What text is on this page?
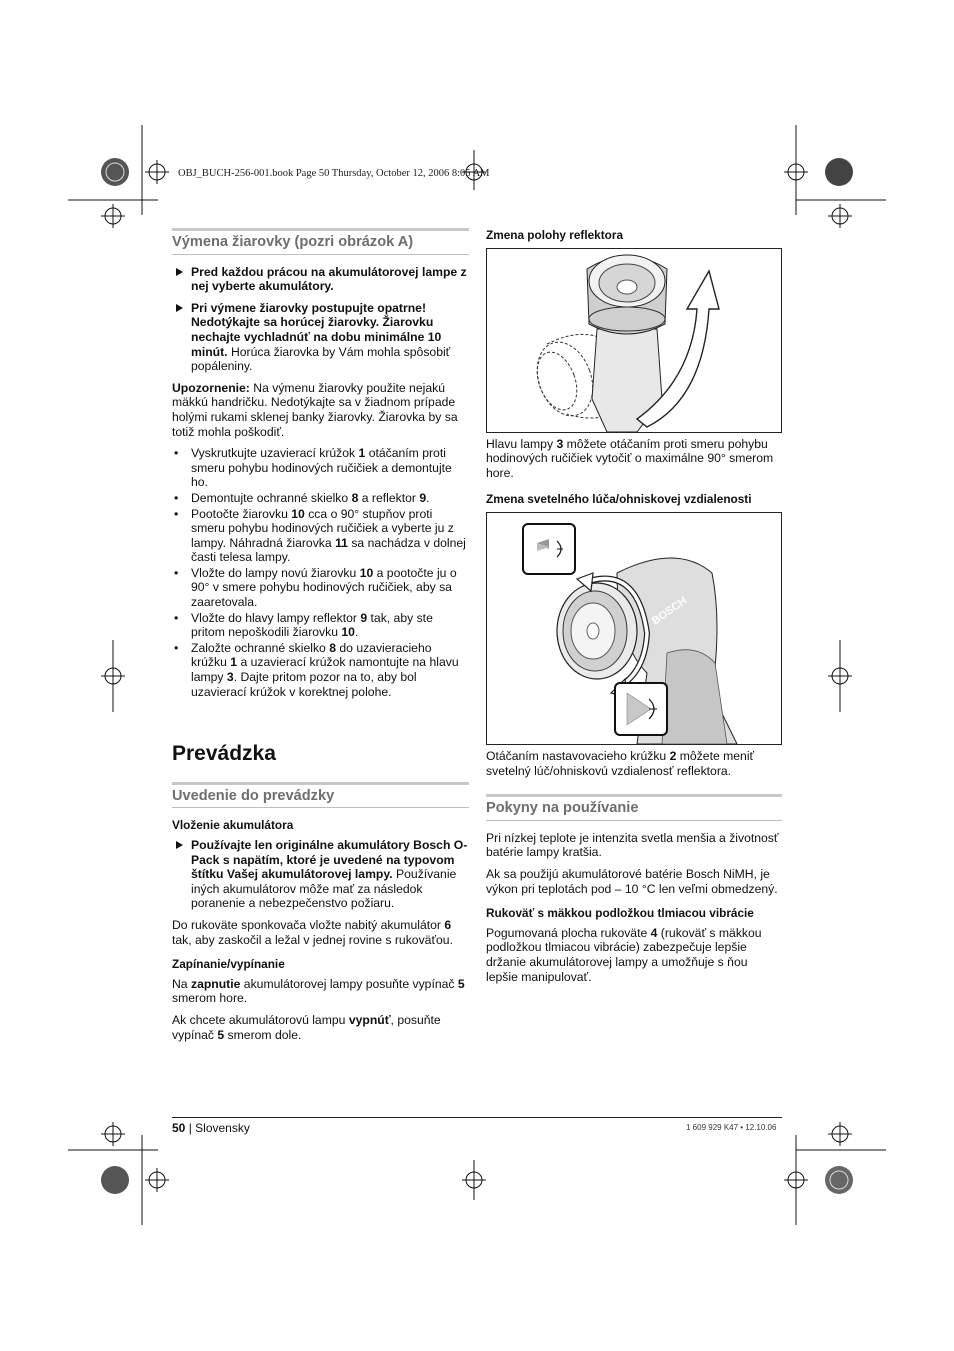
OBJ_BUCH-256-001.book Page 50 Thursday, October 12, 2006 8:05 AM
Výmena žiarovky (pozri obrázok A)
Pred každou prácou na akumulátorovej lampe z nej vyberte akumulátory.
Pri výmene žiarovky postupujte opatrne! Nedotýkajte sa horúcej žiarovky. Žiarovku nechajte vychladnúť na dobu minimálne 10 minút. Horúca žiarovka by Vám mohla spôsobiť popáleniny.

Upozornenie: Na výmenu žiarovky použite nejakú mäkkú handričku. Nedotýkajte sa v žiadnom prípade holými rukami sklenej banky žiarovky. Žiarovka by sa totiž mohla poškodiť.

• Vyskrutkujte uzavierací krúžok 1 otáčaním proti smeru pohybu hodinových ručičiek a demontujte ho.
• Demontujte ochranné skielko 8 a reflektor 9.
• Pootočte žiarovku 10 cca o 90° stupňov proti smeru pohybu hodinových ručičiek a vyberte ju z lampy. Náhradná žiarovka 11 sa nachádza v dolnej časti telesa lampy.
• Vložte do lampy novú žiarovku 10 a pootočte ju o 90° v smere pohybu hodinových ručičiek, aby sa zaaretovala.
• Vložte do hlavy lampy reflektor 9 tak, aby ste pritom nepoškodili žiarovku 10.
• Založte ochranné skielko 8 do uzavieracieho krúžku 1 a uzavierací krúžok namontujte na hlavu lampy 3. Dajte pritom pozor na to, aby bol uzavierací krúžok v korektnej polohe.
Prevádzka
Uvedenie do prevádzky
Vloženie akumulátora
Používajte len originálne akumulátory Bosch O-Pack s napätím, ktoré je uvedené na typovom štítku Vašej akumulátorovej lampy. Používanie iných akumulátorov môže mať za následok poranenie a nebezpečenstvo požiaru.

Do rukoväte sponkovača vložte nabitý akumulátor 6 tak, aby zaskočil a ležal v jednej rovine s rukoväťou.

Zapínanie/vypínanie

Na zapnutie akumulátorovej lampy posuňte vypínač 5 smerom hore.

Ak chcete akumulátorovú lampu vypnúť, posuňte vypínač 5 smerom dole.

Zmena polohy reflektora

Hlavu lampy 3 môžete otáčaním proti smeru pohybu hodinových ručičiek vytočiť o maximálne 90° smerom hore.

Zmena svetelného lúča/ohniskovej vzdialenosti
BOSCH

Otáčaním nastavovacieho krúžku 2 môžete meniť svetelný lúč/ohniskovú vzdialenosť reflektora.

Pokyny na používanie

Pri nízkej teplote je intenzita svetla menšia a životnosť batérie lampy kratšia.

Ak sa použijú akumulátorové batérie Bosch NiMH, je výkon pri teplotách pod – 10 °C len veľmi obmedzený.

Rukoväť s mäkkou podložkou tlmiacou vibrácie

Pogumovaná plocha rukoväte 4 (rukoväť s mäkkou podložkou tlmiacou vibrácie) zabezpečuje lepšie držanie akumulátorovej lampy a umožňuje s ňou lepšie manipulovať.

50 | Slovensky	1 609 929 K47 • 12.10.06
